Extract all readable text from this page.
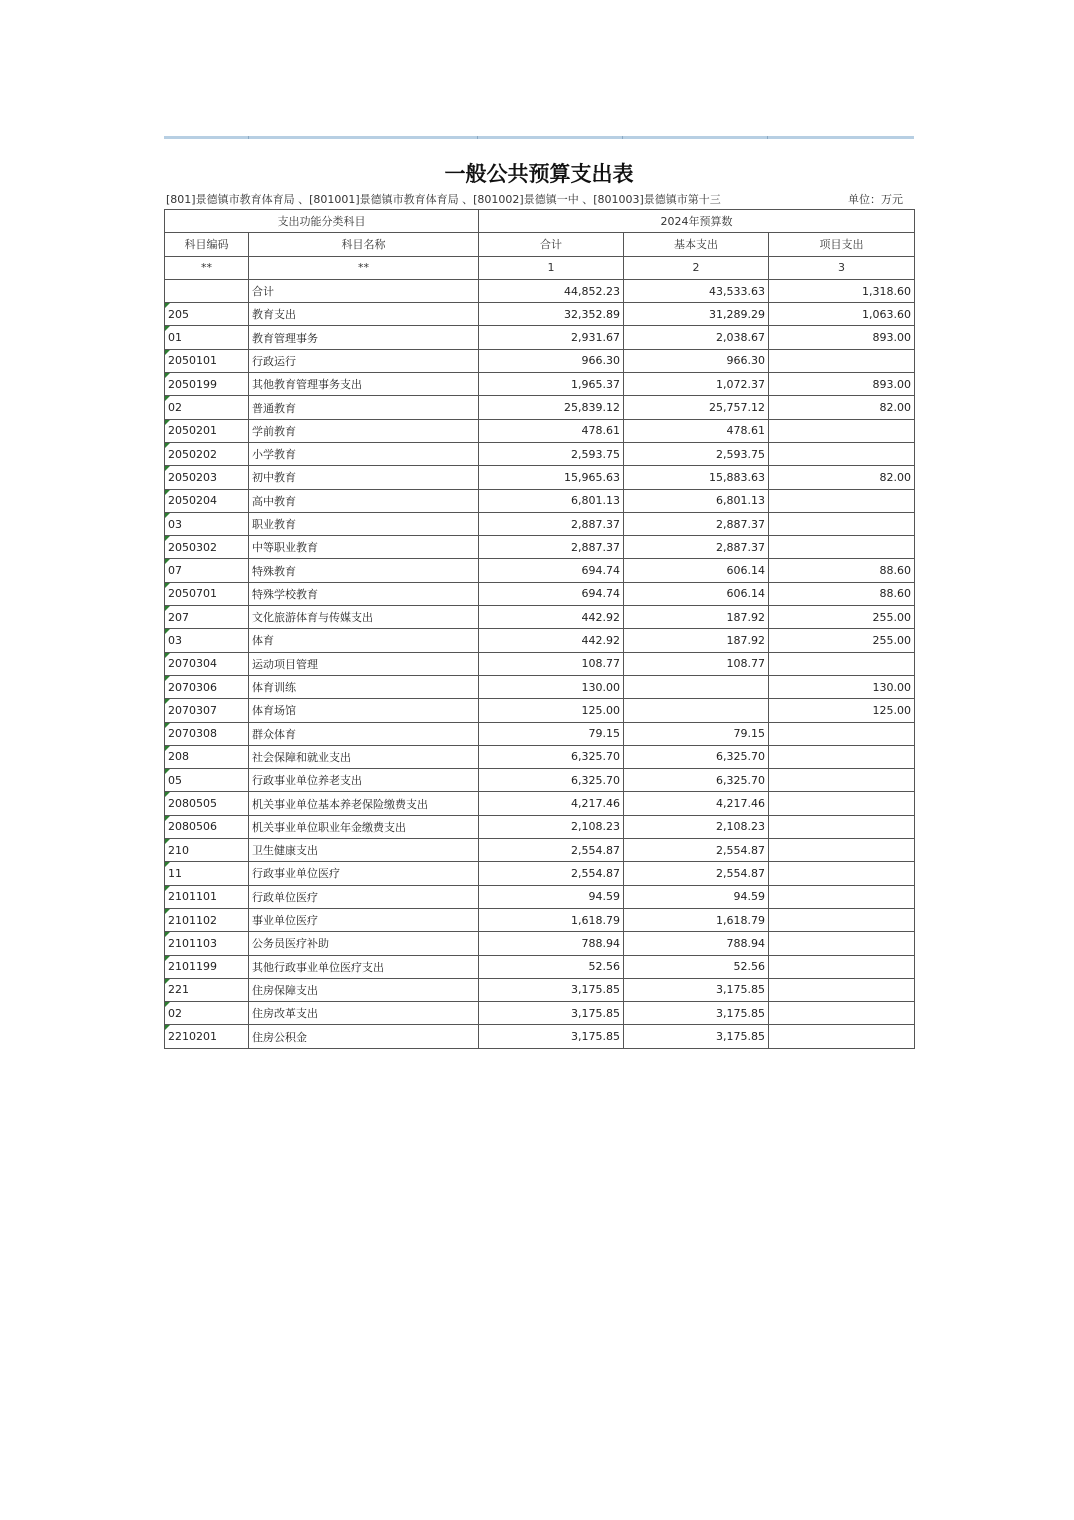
一般公共预算支出表
[801]景德镇市教育体育局 、[801001]景德镇市教育体育局 、[801002]景德镇一中 、[801003]景德镇市第十三	单位：万元
支出功能分类科目		2024年预算数		
科目编码	科目名称	合计	基本支出	项目支出
**	**	1	2	3
	合计	44,852.23	43,533.63	1,318.60

205	教育支出	32,352.89	31,289.29	1,063.60

01	教育管理事务	2,931.67	2,038.67	893.00

2050101	行政运行	966.30	966.30	

2050199	其他教育管理事务支出	1,965.37	1,072.37	893.00

02	普通教育	25,839.12	25,757.12	82.00

2050201	学前教育	478.61	478.61	

2050202	小学教育	2,593.75	2,593.75	

2050203	初中教育	15,965.63	15,883.63	82.00

2050204	高中教育	6,801.13	6,801.13	

03	职业教育	2,887.37	2,887.37	

2050302	中等职业教育	2,887.37	2,887.37	

07	特殊教育	694.74	606.14	88.60

2050701	特殊学校教育	694.74	606.14	88.60

207	文化旅游体育与传媒支出	442.92	187.92	255.00

03	体育	442.92	187.92	255.00

2070304	运动项目管理	108.77	108.77	

2070306	体育训练	130.00		130.00

2070307	体育场馆	125.00		125.00

2070308	群众体育	79.15	79.15	

208	社会保障和就业支出	6,325.70	6,325.70	

05	行政事业单位养老支出	6,325.70	6,325.70	

2080505	机关事业单位基本养老保险缴费支出	4,217.46	4,217.46	

2080506	机关事业单位职业年金缴费支出	2,108.23	2,108.23	

210	卫生健康支出	2,554.87	2,554.87	

11	行政事业单位医疗	2,554.87	2,554.87	

2101101	行政单位医疗	94.59	94.59	

2101102	事业单位医疗	1,618.79	1,618.79	

2101103	公务员医疗补助	788.94	788.94	

2101199	其他行政事业单位医疗支出	52.56	52.56	

221	住房保障支出	3,175.85	3,175.85	

02	住房改革支出	3,175.85	3,175.85	

2210201	住房公积金	3,175.85	3,175.85	
